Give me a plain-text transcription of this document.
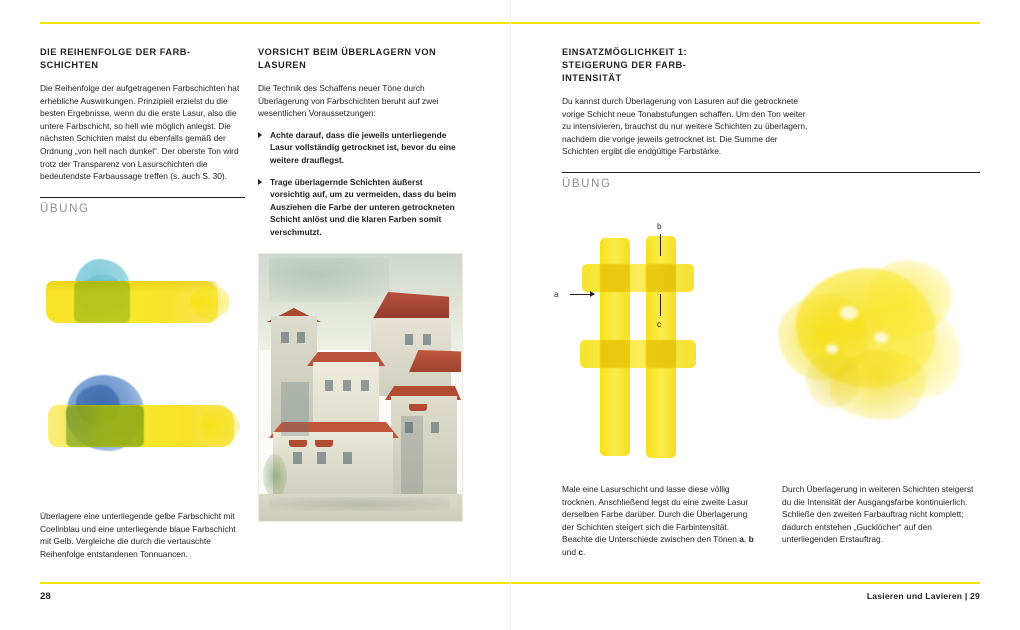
DIE REIHENFOLGE DER FARB-
SCHICHTEN

Die Reihenfolge der aufgetragenen Farbschichten hat erhebliche Auswirkungen. Prinzipiell erzielst du die besten Ergebnisse, wenn du die erste Lasur, also die untere Farbschicht, so hell wie möglich anlegst. Die nächsten Schichten malst du ebenfalls gemäß der Ordnung „von hell nach dunkel“. Der oberste Ton wird trotz der Transparenz von Lasurschichten die bedeutendste Farbaussage treffen (s. auch S. 30).

ÜBUNG

Überlagere eine unterliegende gelbe Farbschicht mit Coelinblau und eine unterliegende blaue Farbschicht mit Gelb. Vergleiche die durch die vertauschte Reihenfolge entstandenen Tonnuancen.

VORSICHT BEIM ÜBERLAGERN VON
LASUREN

Die Technik des Schaffens neuer Töne durch Überlagerung von Farbschichten beruht auf zwei wesentlichen Voraussetzungen:

Achte darauf, dass die jeweils unterliegende Lasur vollständig getrocknet ist, bevor du eine weitere drauflegst.
Trage überlagernde Schichten äußerst vorsichtig auf, um zu vermeiden, dass du beim Ausziehen die Farbe der unteren getrockneten Schicht anlöst und die klaren Farben somit verschmutzt.
EINSATZMÖGLICHKEIT 1:
STEIGERUNG DER FARB-
INTENSITÄT

Du kannst durch Überlagerung von Lasuren auf die getrocknete vorige Schicht neue Tonabstufungen schaffen. Um den Ton weiter zu intensivieren, brauchst du nur weitere Schichten zu überlagern, nachdem die vorige jeweils getrocknet ist. Die Summe der Schichten ergibt die endgültige Farbstärke.

ÜBUNG

b
c
a

Male eine Lasurschicht und lasse diese völlig trocknen. Anschließend legst du eine zweite Lasur derselben Farbe darüber. Durch die Überlagerung der Schichten steigert sich die Farbintensität. Beachte die Unterschiede zwischen den Tönen a, b und c.

Durch Überlagerung in weiteren Schichten steigerst du die Intensität der Ausgangsfarbe kontinuierlich. Schließe den zweiten Farbauftrag nicht komplett; dadurch entstehen „Gucklöcher“ auf den unterliegenden Erstauftrag.

28	Lasieren und Lavieren | 29
